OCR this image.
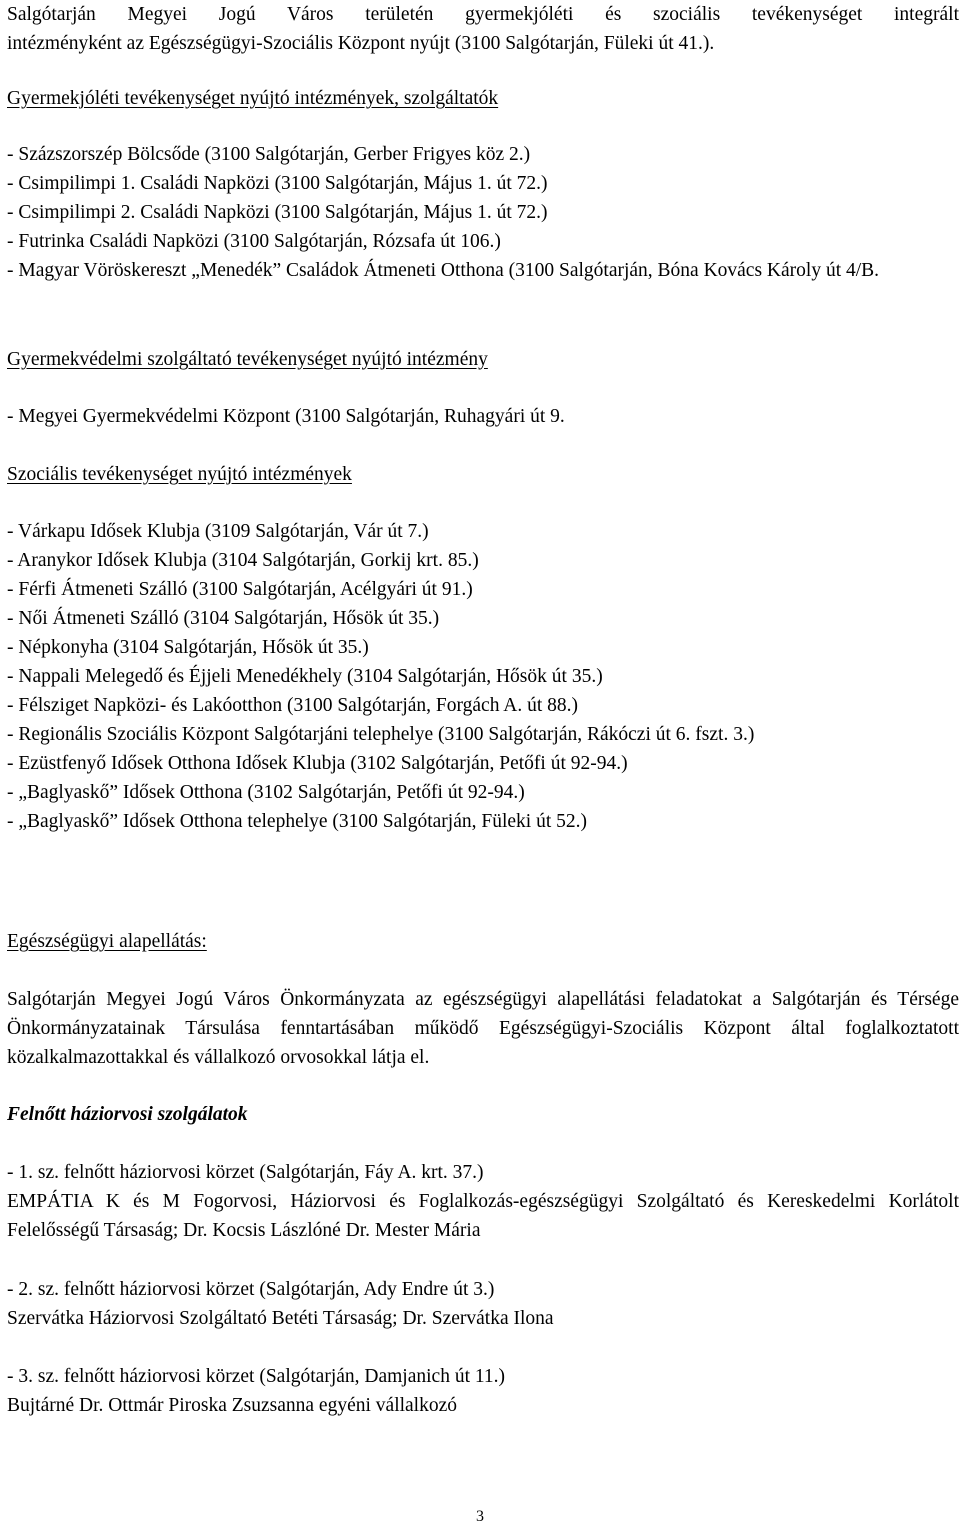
Salgótarján Megyei Jogú Város területén gyermekjóléti és szociális tevékenységet integrált

intézményként az Egészségügyi-Szociális Központ nyújt (3100 Salgótarján, Füleki út 41.).

Gyermekjóléti tevékenységet nyújtó intézmények, szolgáltatók

- Százszorszép Bölcsőde (3100 Salgótarján, Gerber Frigyes köz 2.)

- Csimpilimpi 1. Családi Napközi (3100 Salgótarján, Május 1. út 72.)

- Csimpilimpi 2. Családi Napközi (3100 Salgótarján, Május 1. út 72.)

- Futrinka Családi Napközi (3100 Salgótarján, Rózsafa út 106.)

- Magyar Vöröskereszt „Menedék” Családok Átmeneti Otthona (3100 Salgótarján, Bóna Kovács Károly út 4/B.

Gyermekvédelmi szolgáltató tevékenységet nyújtó intézmény

- Megyei Gyermekvédelmi Központ (3100 Salgótarján, Ruhagyári út 9.

Szociális tevékenységet nyújtó intézmények

- Várkapu Idősek Klubja (3109 Salgótarján, Vár út 7.)

- Aranykor Idősek Klubja (3104 Salgótarján, Gorkij krt. 85.)

- Férfi Átmeneti Szálló (3100 Salgótarján, Acélgyári út 91.)

- Női Átmeneti Szálló (3104 Salgótarján, Hősök út 35.)

- Népkonyha (3104 Salgótarján, Hősök út 35.)

- Nappali Melegedő és Éjjeli Menedékhely (3104 Salgótarján, Hősök út 35.)

- Félsziget Napközi- és Lakóotthon (3100 Salgótarján, Forgách A. út 88.)

- Regionális Szociális Központ Salgótarjáni telephelye (3100 Salgótarján, Rákóczi út 6. fszt. 3.)

- Ezüstfenyő Idősek Otthona Idősek Klubja (3102 Salgótarján, Petőfi út 92-94.)

- „Baglyaskő” Idősek Otthona (3102 Salgótarján, Petőfi út 92-94.)

- „Baglyaskő” Idősek Otthona telephelye (3100 Salgótarján, Füleki út 52.)

Egészségügyi alapellátás:

Salgótarján Megyei Jogú Város Önkormányzata az egészségügyi alapellátási feladatokat a Salgótarján és Térsége Önkormányzatainak Társulása fenntartásában működő Egészségügyi-Szociális Központ által foglalkoztatott közalkalmazottakkal és vállalkozó orvosokkal látja el.

Felnőtt háziorvosi szolgálatok

- 1. sz. felnőtt háziorvosi körzet (Salgótarján, Fáy A. krt. 37.)

EMPÁTIA K és M Fogorvosi, Háziorvosi és Foglalkozás-egészségügyi Szolgáltató és Kereskedelmi Korlátolt Felelősségű Társaság; Dr. Kocsis Lászlóné Dr. Mester Mária

- 2. sz. felnőtt háziorvosi körzet (Salgótarján, Ady Endre út 3.)

Szervátka Háziorvosi Szolgáltató Betéti Társaság; Dr. Szervátka Ilona

- 3. sz. felnőtt háziorvosi körzet (Salgótarján, Damjanich út 11.)

Bujtárné Dr. Ottmár Piroska Zsuzsanna egyéni vállalkozó

3
